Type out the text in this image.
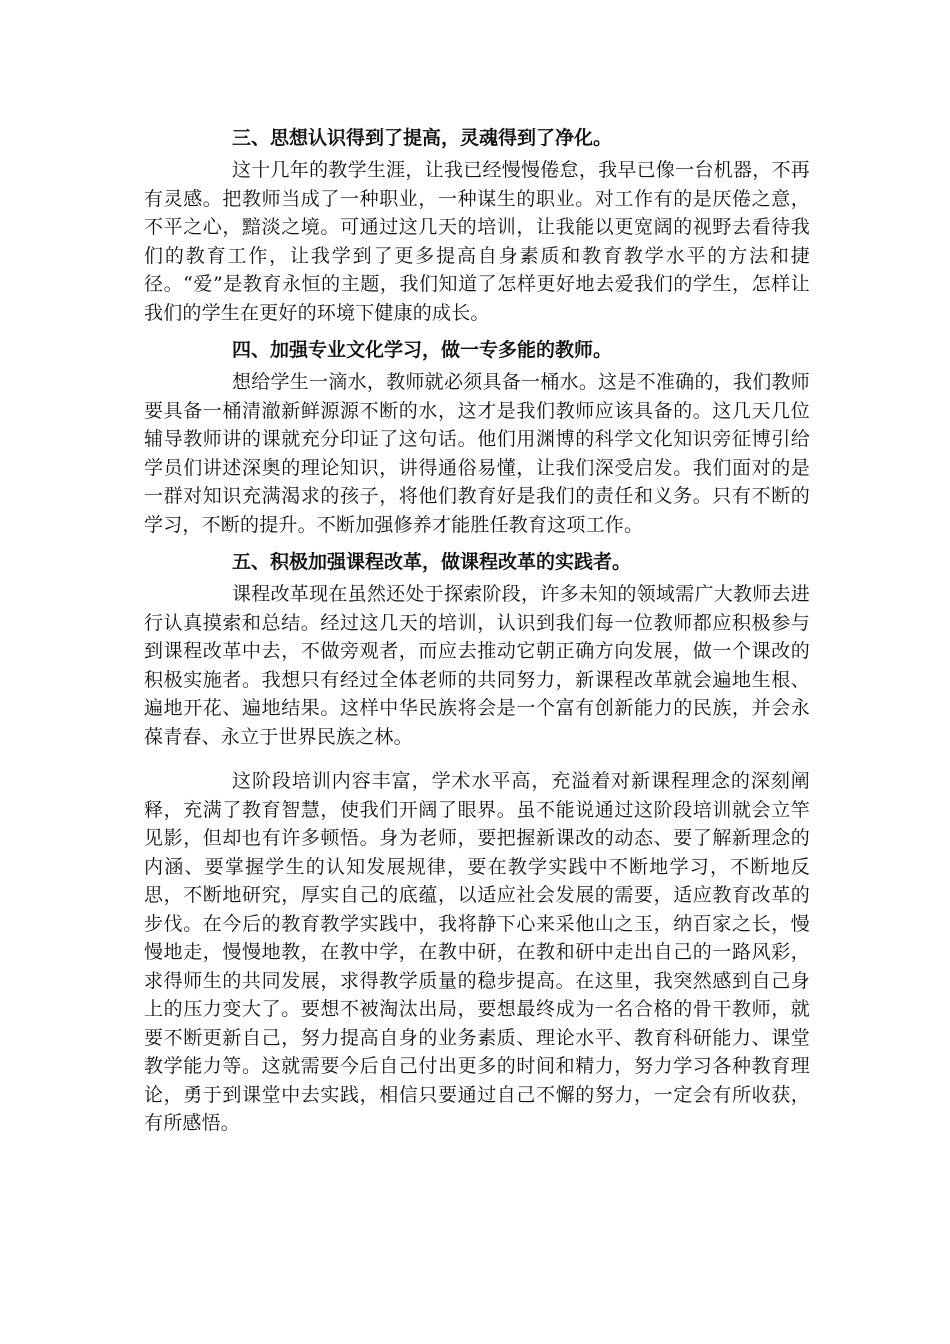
三、思想认识得到了提高，灵魂得到了净化。

这十几年的教学生涯，让我已经慢慢倦怠，我早已像一台机器，不再有灵感。把教师当成了一种职业，一种谋生的职业。对工作有的是厌倦之意，不平之心，黯淡之境。可通过这几天的培训，让我能以更宽阔的视野去看待我们的教育工作，让我学到了更多提高自身素质和教育教学水平的方法和捷径。“爱”是教育永恒的主题，我们知道了怎样更好地去爱我们的学生，怎样让我们的学生在更好的环境下健康的成长。

四、加强专业文化学习，做一专多能的教师。

想给学生一滴水，教师就必须具备一桶水。这是不准确的，我们教师要具备一桶清澈新鲜源源不断的水，这才是我们教师应该具备的。这几天几位辅导教师讲的课就充分印证了这句话。他们用渊博的科学文化知识旁征博引给学员们讲述深奥的理论知识，讲得通俗易懂，让我们深受启发。我们面对的是一群对知识充满渴求的孩子，将他们教育好是我们的责任和义务。只有不断的学习，不断的提升。不断加强修养才能胜任教育这项工作。

五、积极加强课程改革，做课程改革的实践者。

课程改革现在虽然还处于探索阶段，许多未知的领域需广大教师去进行认真摸索和总结。经过这几天的培训，认识到我们每一位教师都应积极参与到课程改革中去，不做旁观者，而应去推动它朝正确方向发展，做一个课改的积极实施者。我想只有经过全体老师的共同努力，新课程改革就会遍地生根、遍地开花、遍地结果。这样中华民族将会是一个富有创新能力的民族，并会永葆青春、永立于世界民族之林。

这阶段培训内容丰富，学术水平高，充溢着对新课程理念的深刻阐释，充满了教育智慧，使我们开阔了眼界。虽不能说通过这阶段培训就会立竿见影，但却也有许多顿悟。身为老师，要把握新课改的动态、要了解新理念的内涵、要掌握学生的认知发展规律，要在教学实践中不断地学习，不断地反思，不断地研究，厚实自己的底蕴，以适应社会发展的需要，适应教育改革的步伐。在今后的教育教学实践中，我将静下心来采他山之玉，纳百家之长，慢慢地走，慢慢地教，在教中学，在教中研，在教和研中走出自己的一路风彩，求得师生的共同发展，求得教学质量的稳步提高。在这里，我突然感到自己身上的压力变大了。要想不被淘汰出局，要想最终成为一名合格的骨干教师，就要不断更新自己，努力提高自身的业务素质、理论水平、教育科研能力、课堂教学能力等。这就需要今后自己付出更多的时间和精力，努力学习各种教育理论，勇于到课堂中去实践，相信只要通过自己不懈的努力，一定会有所收获，有所感悟。
